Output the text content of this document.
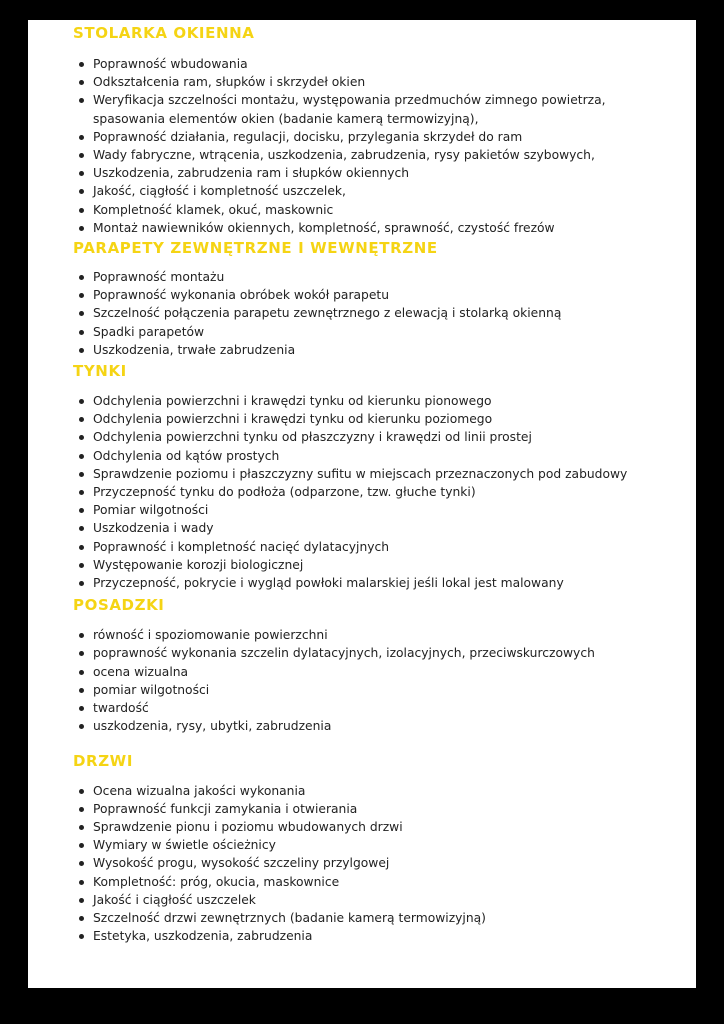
STOLARKA OKIENNA
Poprawność wbudowania
Odkształcenia ram, słupków i skrzydeł okien
Weryfikacja szczelności montażu, występowania przedmuchów zimnego powietrza, spasowania elementów okien (badanie kamerą termowizyjną),
Poprawność działania, regulacji, docisku, przylegania skrzydeł do ram
Wady fabryczne, wtrącenia, uszkodzenia, zabrudzenia, rysy pakietów szybowych,
Uszkodzenia, zabrudzenia ram i słupków okiennych
Jakość, ciągłość i kompletność uszczelek,
Kompletność klamek, okuć, maskownic
Montaż nawiewników okiennych, kompletność, sprawność, czystość frezów
PARAPETY ZEWNĘTRZNE I WEWNĘTRZNE
Poprawność montażu
Poprawność wykonania obróbek wokół parapetu
Szczelność połączenia parapetu zewnętrznego z elewacją i stolarką okienną
Spadki parapetów
Uszkodzenia, trwałe zabrudzenia
TYNKI
Odchylenia powierzchni i krawędzi tynku od kierunku pionowego
Odchylenia powierzchni i krawędzi tynku od kierunku poziomego
Odchylenia powierzchni tynku od płaszczyzny i krawędzi od linii prostej
Odchylenia od kątów prostych
Sprawdzenie poziomu i płaszczyzny sufitu w miejscach przeznaczonych pod zabudowy
Przyczepność tynku do podłoża (odparzone, tzw. głuche tynki)
Pomiar wilgotności
Uszkodzenia i wady
Poprawność i kompletność nacięć dylatacyjnych
Występowanie korozji biologicznej
Przyczepność, pokrycie i wygląd powłoki malarskiej jeśli lokal jest malowany
POSADZKI
równość i spoziomowanie powierzchni
poprawność wykonania szczelin dylatacyjnych, izolacyjnych, przeciwskurczowych
ocena wizualna
pomiar wilgotności
twardość
uszkodzenia, rysy, ubytki, zabrudzenia
DRZWI
Ocena wizualna jakości wykonania
Poprawność funkcji zamykania i otwierania
Sprawdzenie pionu i poziomu wbudowanych drzwi
Wymiary w świetle ościeżnicy
Wysokość progu, wysokość szczeliny przylgowej
Kompletność: próg, okucia, maskownice
Jakość i ciągłość uszczelek
Szczelność drzwi zewnętrznych (badanie kamerą termowizyjną)
Estetyka, uszkodzenia, zabrudzenia
